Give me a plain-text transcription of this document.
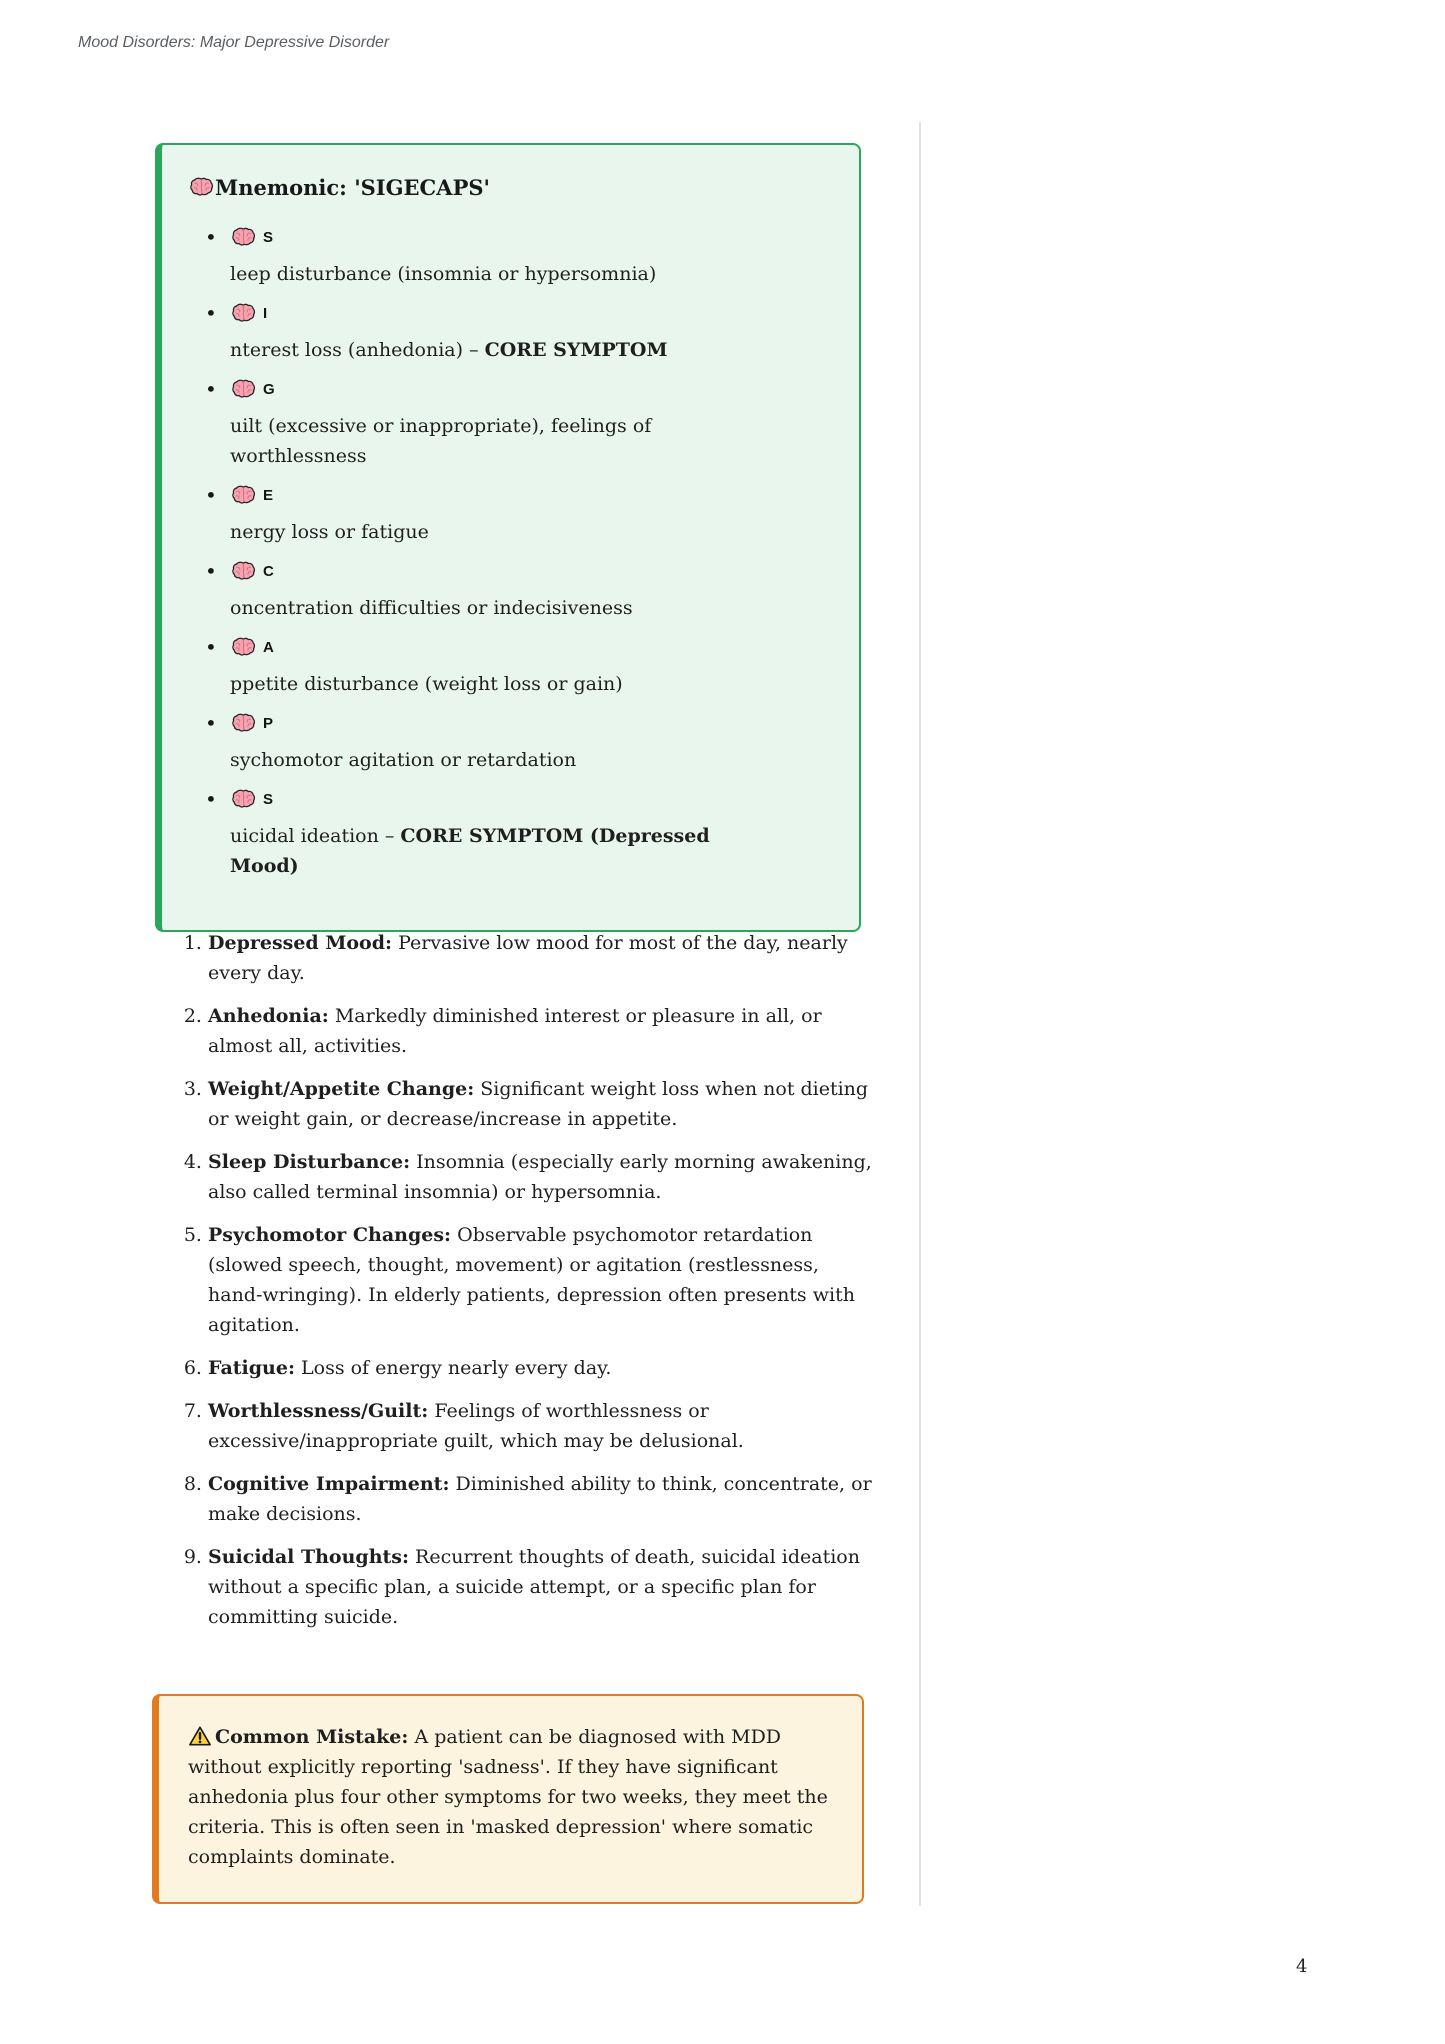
Mood Disorders: Major Depressive Disorder
Mnemonic: 'SIGECAPS'
•	S
leep disturbance (insomnia or hypersomnia)
•	I
nterest loss (anhedonia) – CORE SYMPTOM
•	G
uilt (excessive or inappropriate), feelings of worthlessness
•	E
nergy loss or fatigue
•	C
oncentration difficulties or indecisiveness
•	A
ppetite disturbance (weight loss or gain)
•	P
sychomotor agitation or retardation
•	S
uicidal ideation – CORE SYMPTOM (Depressed Mood)
1. Depressed Mood: Pervasive low mood for most of the day, nearly every day.
2. Anhedonia: Markedly diminished interest or pleasure in all, or almost all, activities.
3. Weight/Appetite Change: Significant weight loss when not dieting or weight gain, or decrease/increase in appetite.
4. Sleep Disturbance: Insomnia (especially early morning awakening, also called terminal insomnia) or hypersomnia.
5. Psychomotor Changes: Observable psychomotor retardation (slowed speech, thought, movement) or agitation (restlessness, hand-wringing). In elderly patients, depression often presents with agitation.
6. Fatigue: Loss of energy nearly every day.
7. Worthlessness/Guilt: Feelings of worthlessness or excessive/inappropriate guilt, which may be delusional.
8. Cognitive Impairment: Diminished ability to think, concentrate, or make decisions.
9. Suicidal Thoughts: Recurrent thoughts of death, suicidal ideation without a specific plan, a suicide attempt, or a specific plan for committing suicide.

Common Mistake: A patient can be diagnosed with MDD without explicitly reporting 'sadness'. If they have significant anhedonia plus four other symptoms for two weeks, they meet the criteria. This is often seen in 'masked depression' where somatic complaints dominate.

4
